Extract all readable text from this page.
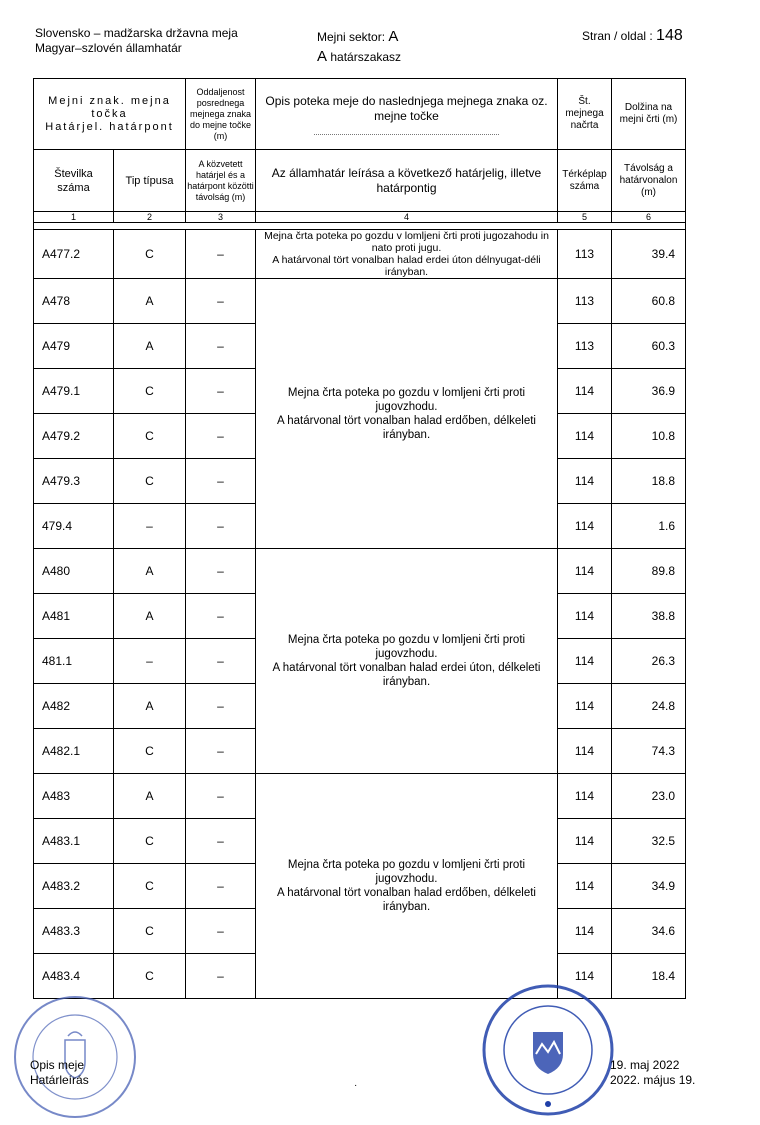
Slovensko – madžarska državna meja
Magyar–szlovén államhatár
Mejni sektor: A
A határszakasz
Stran / oldal : 148
Mejni znak. mejna točka
Határjel. határpont		Oddaljenost posrednega mejnega znaka do mejne točke (m)	Opis poteka meje do naslednjega mejnega znaka oz. mejne točke	Št. mejnega načrta	Dolžina na mejni črti (m)
Številka száma	Tip típusa	A közvetett határjel és a határpont közötti távolság (m)	Az államhatár leírása a következő határjelig, illetve határpontig	Térképlap száma	Távolság a határvonalon (m)
1	2	3	4	5	6

A477.2	C	–	Mejna črta poteka po gozdu v lomljeni črti proti jugozahodu in nato proti jugu.
A határvonal tört vonalban halad erdei úton délnyugat-déli irányban.	113	39.4
A478	A	–	Mejna črta poteka po gozdu v lomljeni črti proti jugovzhodu.
A határvonal tört vonalban halad erdőben, délkeleti irányban.	113	60.8
A479	A	–		113	60.3
A479.1	C	–		114	36.9
A479.2	C	–		114	10.8
A479.3	C	–		114	18.8
479.4	–	–		114	1.6
A480	A	–	Mejna črta poteka po gozdu v lomljeni črti proti jugovzhodu.
A határvonal tört vonalban halad erdei úton, délkeleti irányban.	114	89.8
A481	A	–		114	38.8
481.1	–	–		114	26.3
A482	A	–		114	24.8
A482.1	C	–		114	74.3
A483	A	–	Mejna črta poteka po gozdu v lomljeni črti proti jugovzhodu.
A határvonal tört vonalban halad erdőben, délkeleti irányban.	114	23.0
A483.1	C	–		114	32.5
A483.2	C	–		114	34.9
A483.3	C	–		114	34.6
A483.4	C	–		114	18.4
·
Opis meje
Határleírás
19. maj 2022
2022. május 19.
